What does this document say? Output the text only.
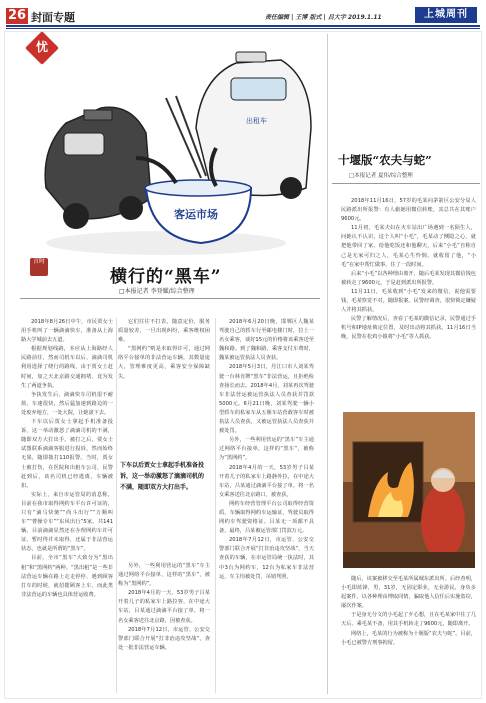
26 封面专题	责任编辑 | 王博 版式 | 吕大宇 2019.1.11	上城周刊
出租车
客运市场
忧
言时
横行的“黑车”
□本报记者 李登耀/综合整理

2018年8月26日中午，市民贾女士用手机叫了一辆滴滴快车，准备从上海路大学城前去五道。

根据规划线路，本应从上海路经人民路前往，然而司机车以后，滴滴司机利用选择了绕行的路线，由于贾女士赶时间，加之天北京路交通拥堵，竟为发生了两道争执。

争执发生后，滴滴快车司机很不耐烦，车速很快，然后猛加速到路边的一处废弃地方，一处大院，让她滚下去。

下车以后贾女士拿起手机准备投诉，这一举动激怒了滴滴司机的不满，随即双方大打出手。被打之后，贾女士试图联系滴滴客服进行投诉，然而始终无果，随即拨打110报警。当时，贾女士被打伤，在医院和出租车公司，民警赶到后，该名司机已经逃离，车辆被扣。

实际上，来自市运管局的消息称，目前在我市取得网约车平台许可证的，只有“滴马快驰”“尚斗出行”“万顺叫车”“曹操专车”“东风出行”5家，共141辆。目前滴滴显然还在办理网约车许可证，暂时得并未取得，还属于非法营运状态，也就是所谓的“黑车”。

目前，全市“黑车”大致分为“黑出租”和“黑网约”两种。“黑出租”是一些非法营运车辆在路上走走停停，遇到顾客打车的时候，就招揽顾客上车。而此类非法营运的车辆也具体营运收费。

它们往往不打表，随意定价，服务质量较差，一旦出现纠纷，乘客维权困难。

“黑网约”则是未取得许可，通过网络平台接单的非法营运车辆，其数量庞大，管理难度更高，乘客安全保障缺失。

下车以后贾女士拿起手机准备投诉，这一举动激怒了滴滴司机的不满，随即双方大打出手。

另外，一些利用营运的“黑车”车主通过网络平台接单，这样的“黑车”，被称为“黑网约”。

2018年4月的一天，53岁男子吕某开着儿子的私家车上路拉客，在中途大车站，吕某通过滴滴平台接了单，将一名女乘客送往北京路，因被查获。

2018年7月12日，市运管、公安交警部门联合开展“打非治违攻坚战”，查处一批非法营运车辆。

2018年6月20日晚，邯郸区人魏某驾驶自己的轿车行至邮电楼门时，拉上一名女乘客，谈好15元的价格将该乘客送至魏和路。到了魏和路，乘客支付车费时，魏某被运管执法人员查获。

2018年5月3日，丹江口市人刘某驾驶一台林肯牌“黑车”非法营运，且拒绝检查扬长而去。2018年4月，刘某再次驾驶车非法营运被运管执法人员查获并罚款5000元。6月21日晚，刘某驾驶一辆小型轿车的私家车从五堰车站营载客车时被执法人员查获，又被运管执法人员查获并被处罚。

另外，一些利用营运的“黑车”车主通过网络平台接单，这样的“黑车”，被称为“黑网约”。

2018年4月的一天，53岁男子吕某开着儿子的私家车上路静外拉，在中途大车站，吕某通过滴滴平台接了单，将一名女乘客送往北京路口，被查获。

网约车经营管理平台公司取得经营资质，车辆取得网约车运输证，驾驶员取得网约车驾驶资格证。吕某无一项都不具备，最终，吕某被运管部门罚款万元。

2018年7月12日，市运管、公安交警部门联合开展“打非治违攻坚战”，当天查获的车辆，在市运管局统一执法时，其中3台为网约车，12台为私家车非法营运，车主均被处罚、吊销驾照。

十堰版“农夫与蛇”
□本报记者 夏伟/综合整理

2018年11月16日，57岁的毛某向茅箭区公安分局人民路派出所报警：有人偷她用微信转账，其总共在其账户9600元。

11月初，毛某夫妇在火车站出广场遇到一名陌生人，问她认不认识，这个人叫“小毛”，毛某动了恻隐之心，就把他带回了家，给他吃饭还和他聊天，后来“小毛”自称自己是无家可归之人，毛某心生怜悯，就收留了他，“小毛”在家中帮忙做事，住了一段时间。

后来“小毛”以各种理由离开，随后毛某发现其微信钱包被转走了9600元，于是赶到派出所报警。

11月11日，毛某收到“小毛”发来的微信，说他需要钱，毛某察觉不对，随即报案。民警经调查，很快锁定嫌疑人并将其抓获。

民警了解情况后，查看了毛某的微信记录，民警通过手机号和IP地址锁定位置，及时出动将其抓获。11月16日当晚，民警在松鸡小镇将“小毛”等人抓获。

随后，该案被移交至毛某所属城东派出所。后经查明，小毛即蓝锋，男，31岁，无固定职业，无业游民，身负多起案件，以各种理由博取同情，骗取他人信任后实施盗窃，屡次作案。

于是身无分文的小毛起了歹心想，且在毛某家中住了几天后，乘毛某不备，用其手机转走了9600元，随即离开。

网络上，毛某的行为被称为十堰版“农夫与蛇”。目前，小毛已被警方刑事拘留。
